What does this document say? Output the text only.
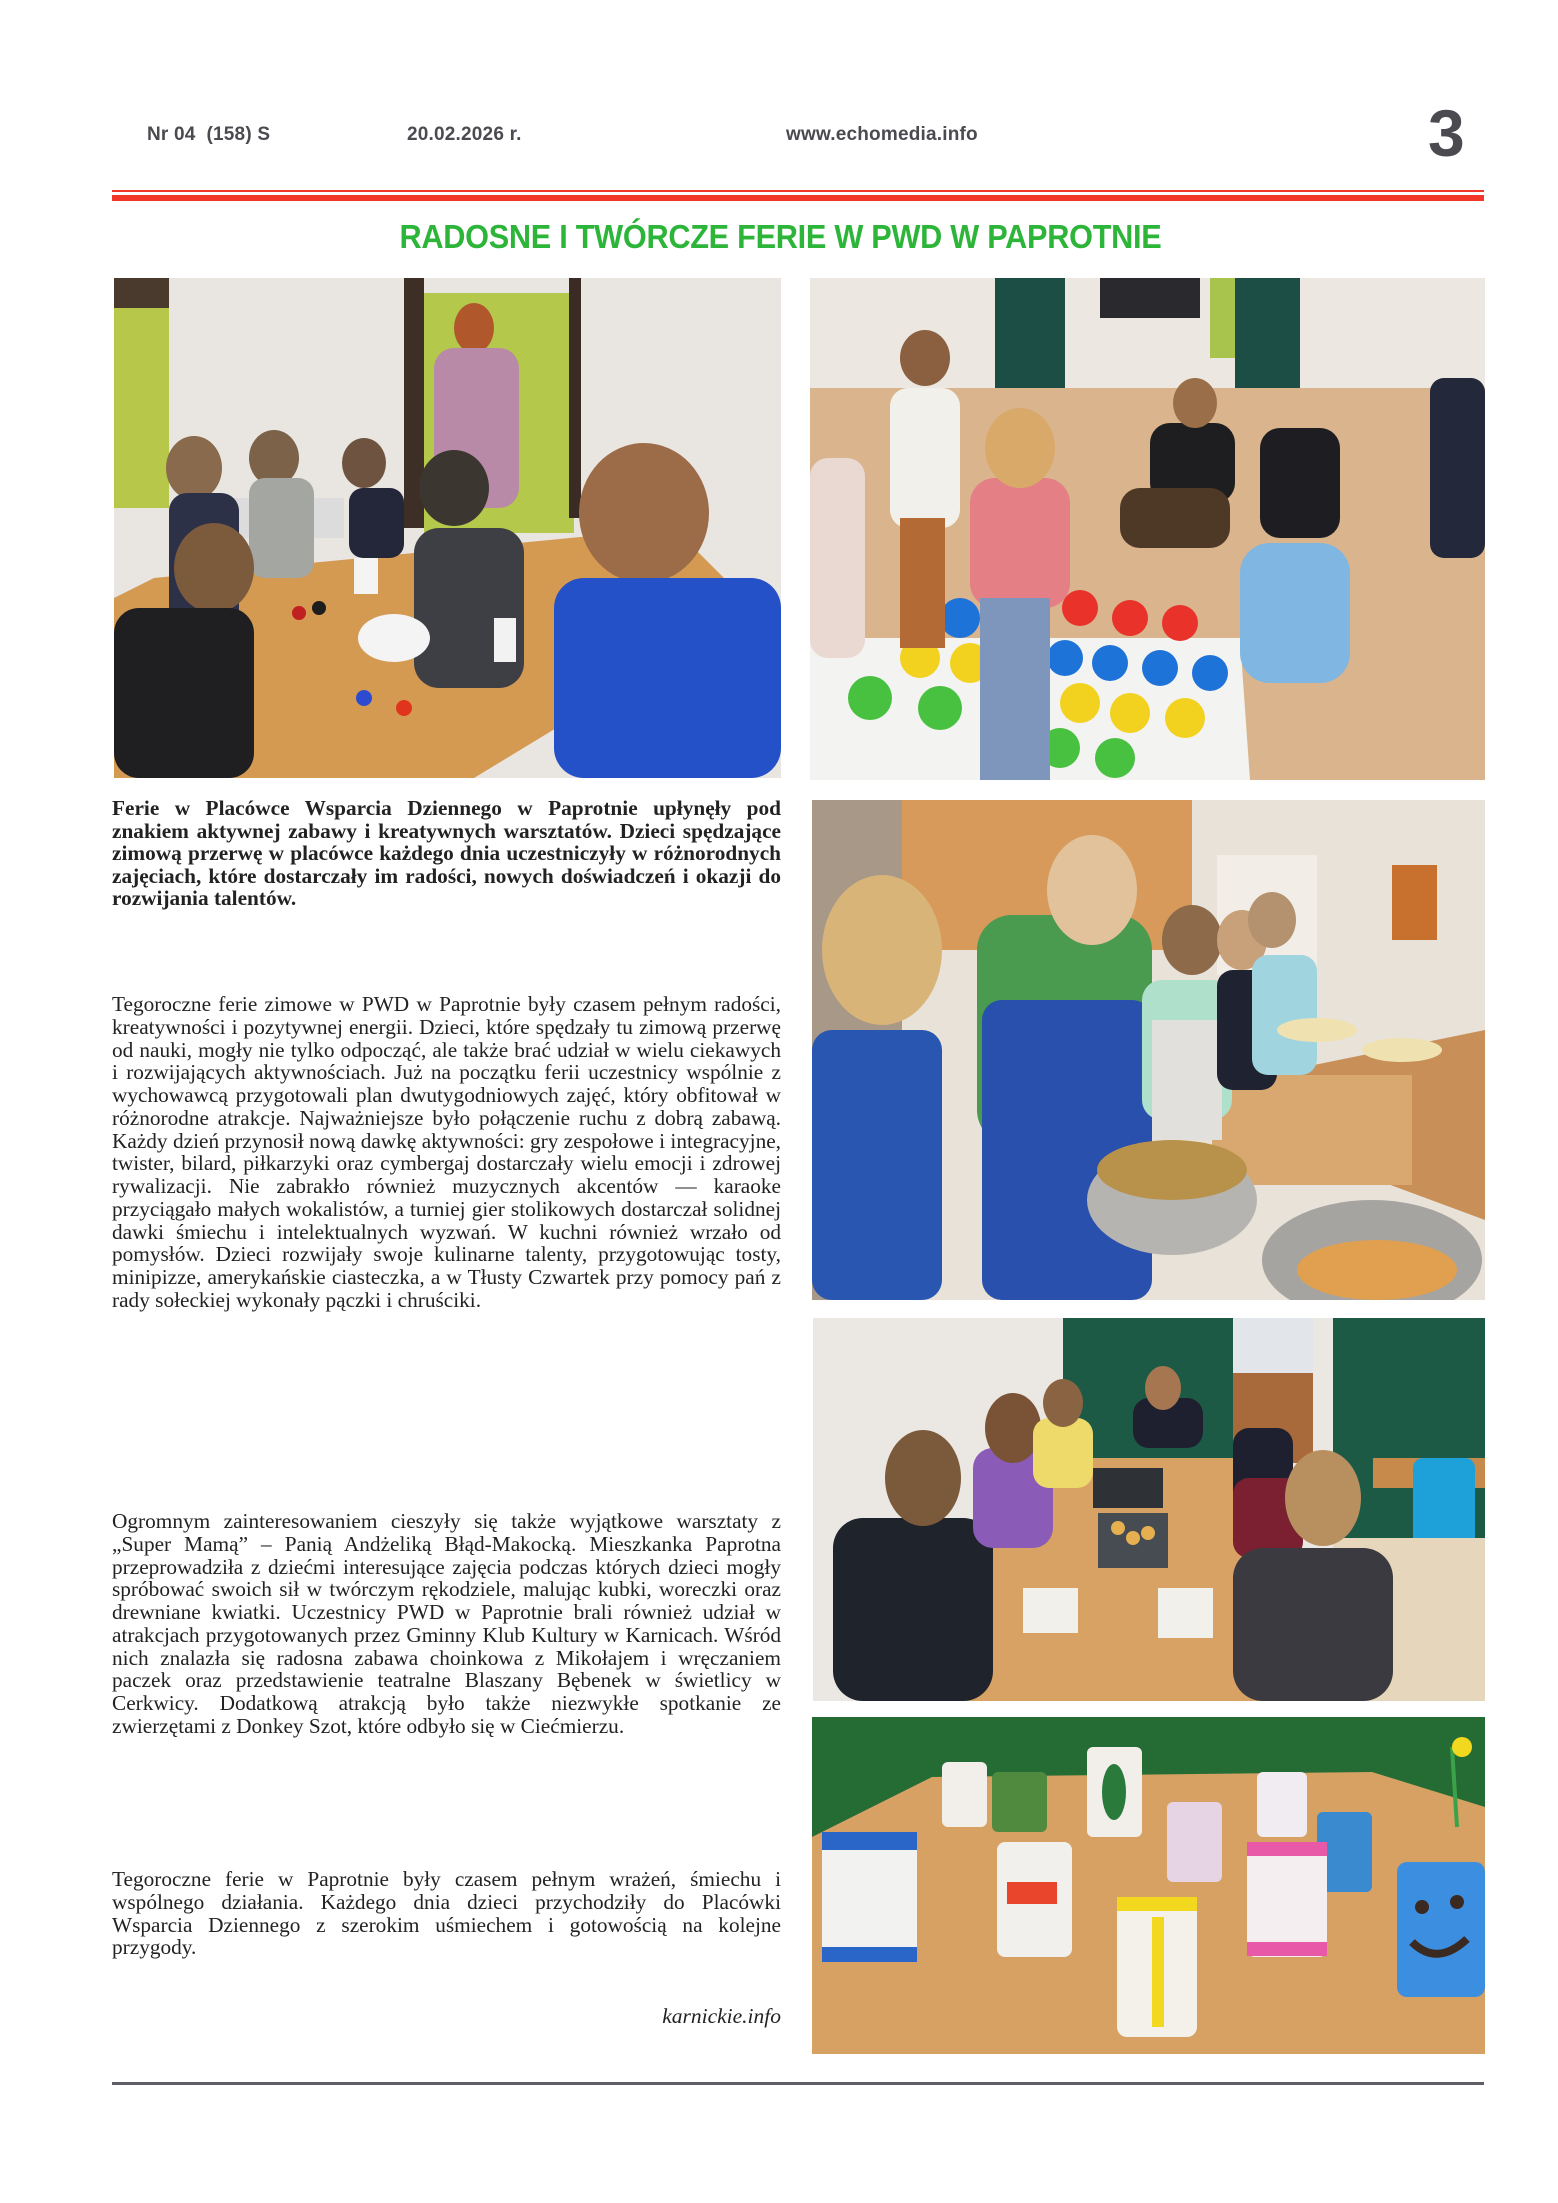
Nr 04  (158) S	20.02.2026 r.	www.echomedia.info	3
RADOSNE I TWÓRCZE FERIE W PWD W PAPROTNIE
Ferie w Placówce Wsparcia Dziennego w Paprotnie upłynęły pod znakiem aktywnej zabawy i kreatywnych warsztatów. Dzieci spędzające zimową przerwę w placówce każdego dnia uczestniczyły w różnorodnych zajęciach, które dostarczały im radości, nowych doświadczeń i okazji do rozwijania talentów.
Tegoroczne ferie zimowe w PWD w Paprotnie były czasem pełnym radości, kreatywności i pozytywnej energii. Dzieci, które spędzały tu zimową przerwę od nauki, mogły nie tylko odpocząć, ale także brać udział w wielu ciekawych i rozwijających aktywnościach. Już na początku ferii uczestnicy wspólnie z wychowawcą przygotowali plan dwutygodniowych zajęć, który obfitował w różnorodne atrakcje. Najważniejsze było połączenie ruchu z dobrą zabawą. Każdy dzień przynosił nową dawkę aktywności: gry zespołowe i integracyjne, twister, bilard, piłkarzyki oraz cymbergaj dostarczały wielu emocji i zdrowej rywalizacji. Nie zabrakło również muzycznych akcentów — karaoke przyciągało małych wokalistów, a turniej gier stolikowych dostarczał solidnej dawki śmiechu i intelektualnych wyzwań. W kuchni również wrzało od pomysłów. Dzieci rozwijały swoje kulinarne talenty, przygotowując tosty, minipizze, amerykańskie ciasteczka, a w Tłusty Czwartek przy pomocy pań z rady sołeckiej wykonały pączki i chruściki.
Ogromnym zainteresowaniem cieszyły się także wyjątkowe warsztaty z „Super Mamą” – Panią Andżeliką Błąd-Makocką. Mieszkanka Paprotna przeprowadziła z dziećmi interesujące zajęcia podczas których dzieci mogły spróbować swoich sił w twórczym rękodziele, malując kubki, woreczki oraz drewniane kwiatki. Uczestnicy PWD w Paprotnie brali również udział w atrakcjach przygotowanych przez Gminny Klub Kultury w Karnicach. Wśród nich znalazła się radosna zabawa choinkowa z Mikołajem i wręczaniem paczek oraz przedstawienie teatralne Blaszany Bębenek w świetlicy w Cerkwicy. Dodatkową atrakcją było także niezwykłe spotkanie ze zwierzętami z Donkey Szot, które odbyło się w Ciećmierzu.
Tegoroczne ferie w Paprotnie były czasem pełnym wrażeń, śmiechu i wspólnego działania. Każdego dnia dzieci przychodziły do Placówki Wsparcia Dziennego z szerokim uśmiechem i gotowością na kolejne przygody.
karnickie.info
